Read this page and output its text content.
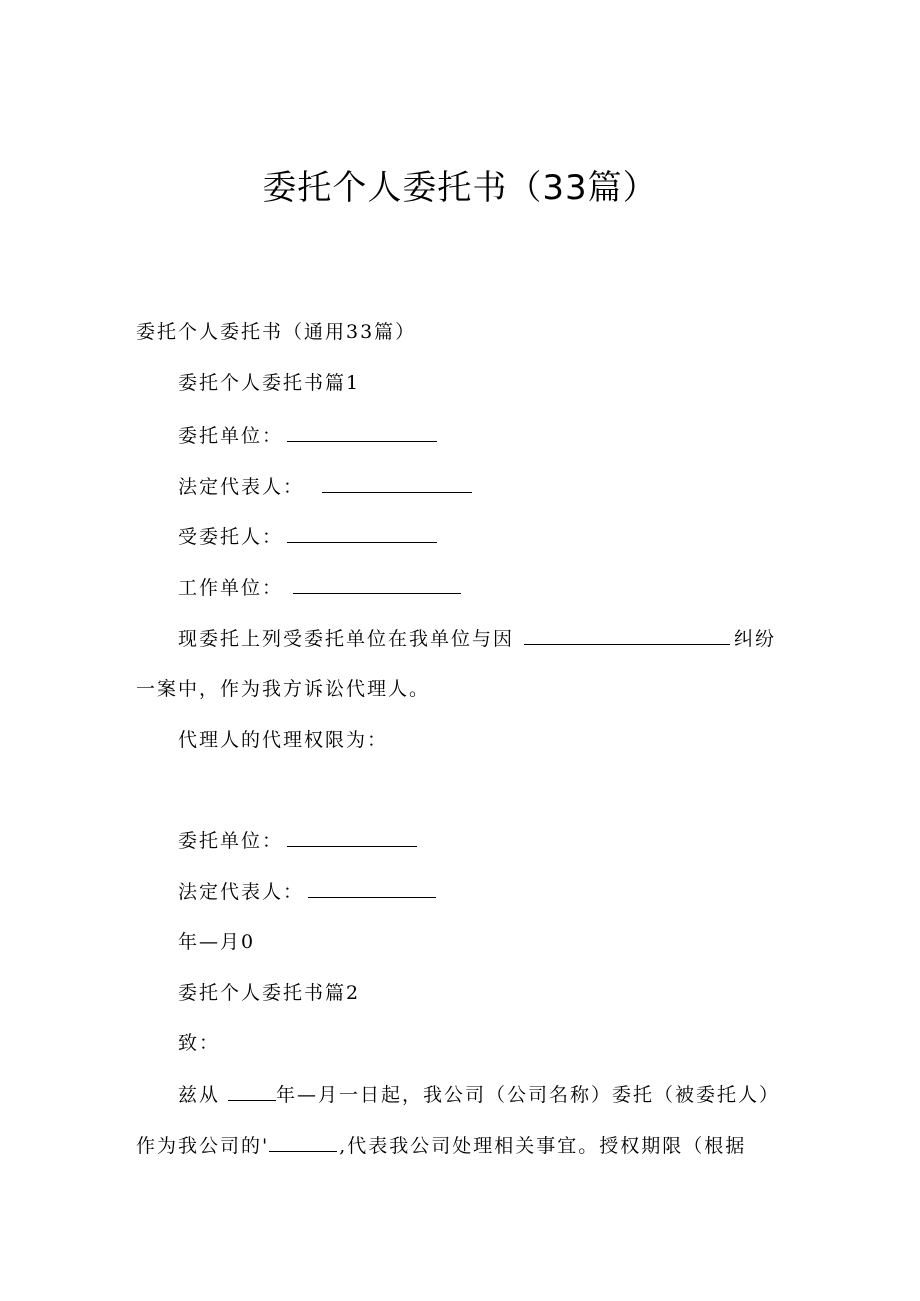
委托个人委托书（33篇）
委托个人委托书（通用33篇）
委托个人委托书篇1
委托单位：
法定代表人：
受委托人：
工作单位：
现委托上列受委托单位在我单位与因	纠纷
一案中，作为我方诉讼代理人。
代理人的代理权限为：
委托单位：
法定代表人：
年—月0
委托个人委托书篇2
致：
兹从	年—月一日起，我公司（公司名称）委托（被委托人）
作为我公司的'	,代表我公司处理相关事宜。授权期限（根据
